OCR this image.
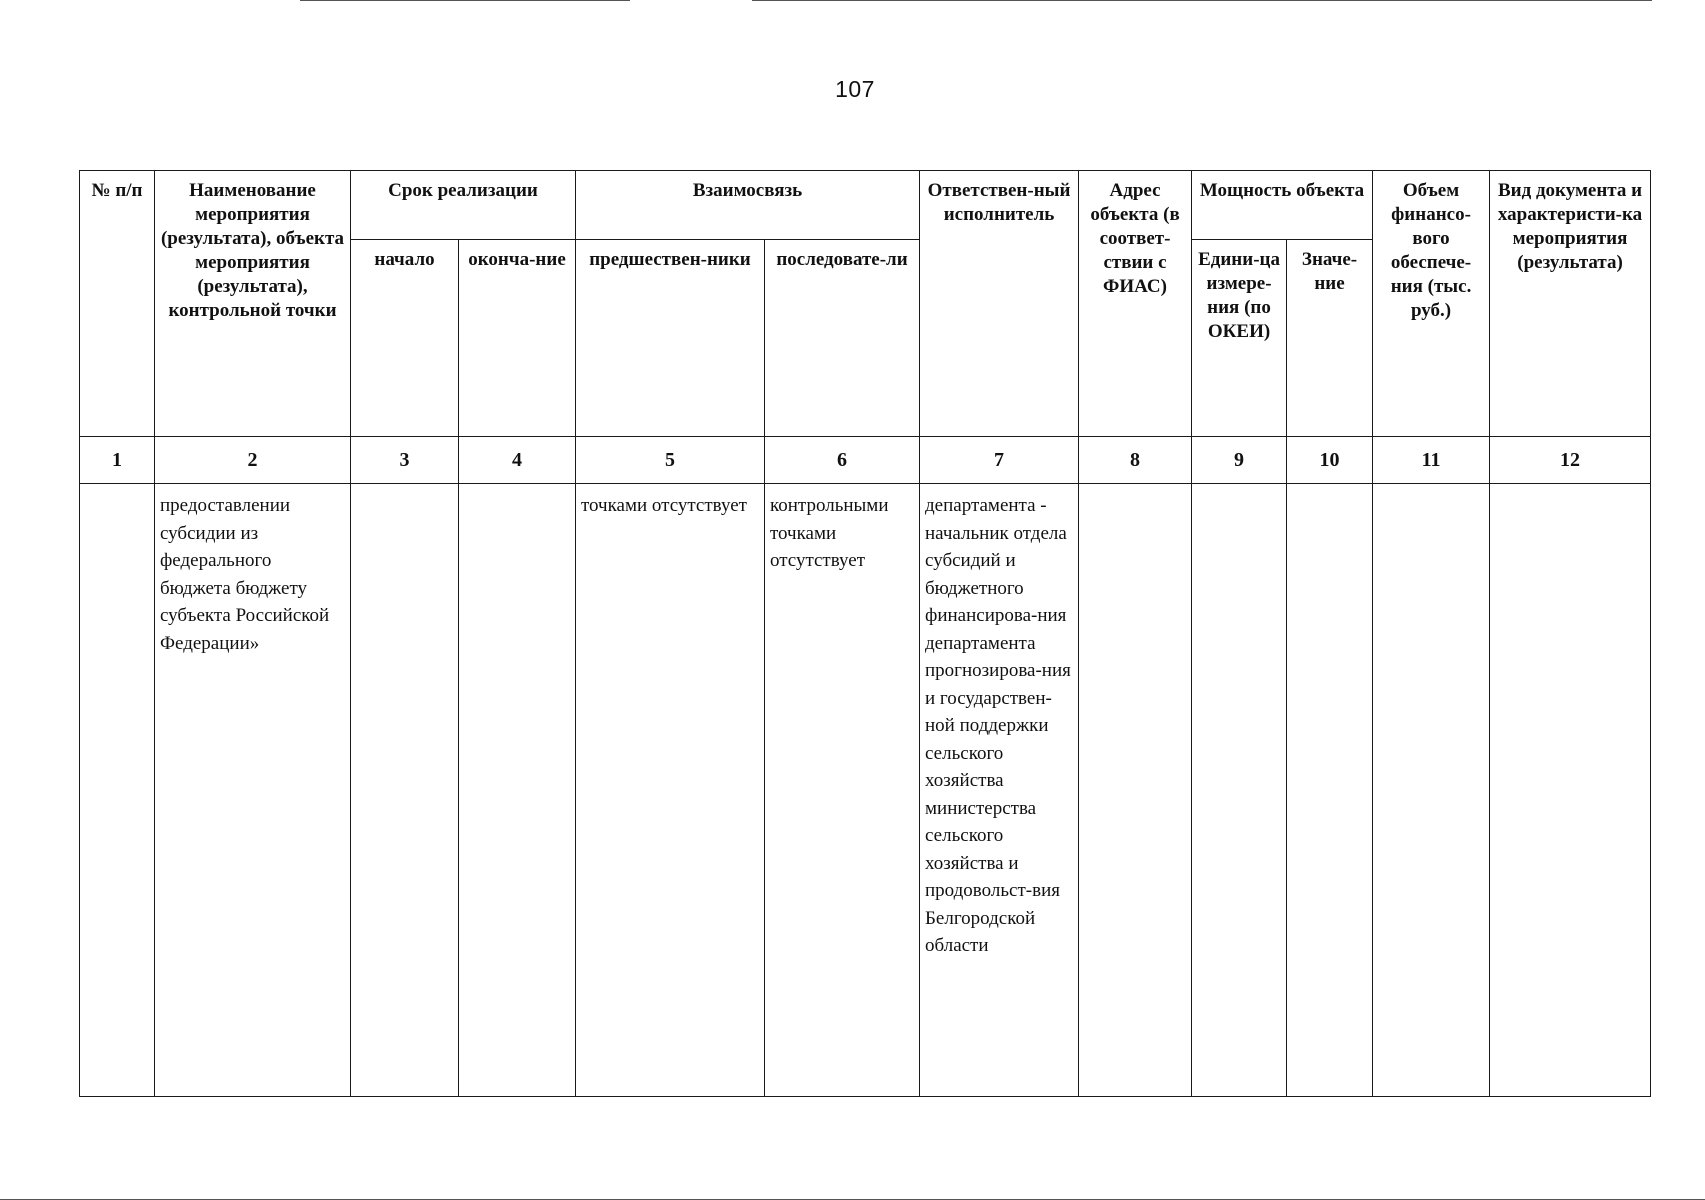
107
№ п/п	Наименование мероприятия (результата), объекта мероприятия (результата), контрольной точки	Срок реализации		Взаимосвязь		Ответствен-ный исполнитель	Адрес объекта (в соответ-ствии с ФИАС)	Мощность объекта		Объем финансо-вого обеспече-ния (тыс. руб.)	Вид документа и характеристи-ка мероприятия (результата)
		начало	оконча-ние	предшествен-ники	последовате-ли			Едини-ца измере-ния (по ОКЕИ)	Значе-ние		
1	2	3	4	5	6	7	8	9	10	11	12
	предоставлении субсидии из федерального бюджета бюджету субъекта Российской Федерации»			точками отсутствует	контрольными точками отсутствует	департамента - начальник отдела субсидий и бюджетного финансирова-ния департамента прогнозирова-ния и государствен-ной поддержки сельского хозяйства министерства сельского хозяйства и продовольст-вия Белгородской области					
